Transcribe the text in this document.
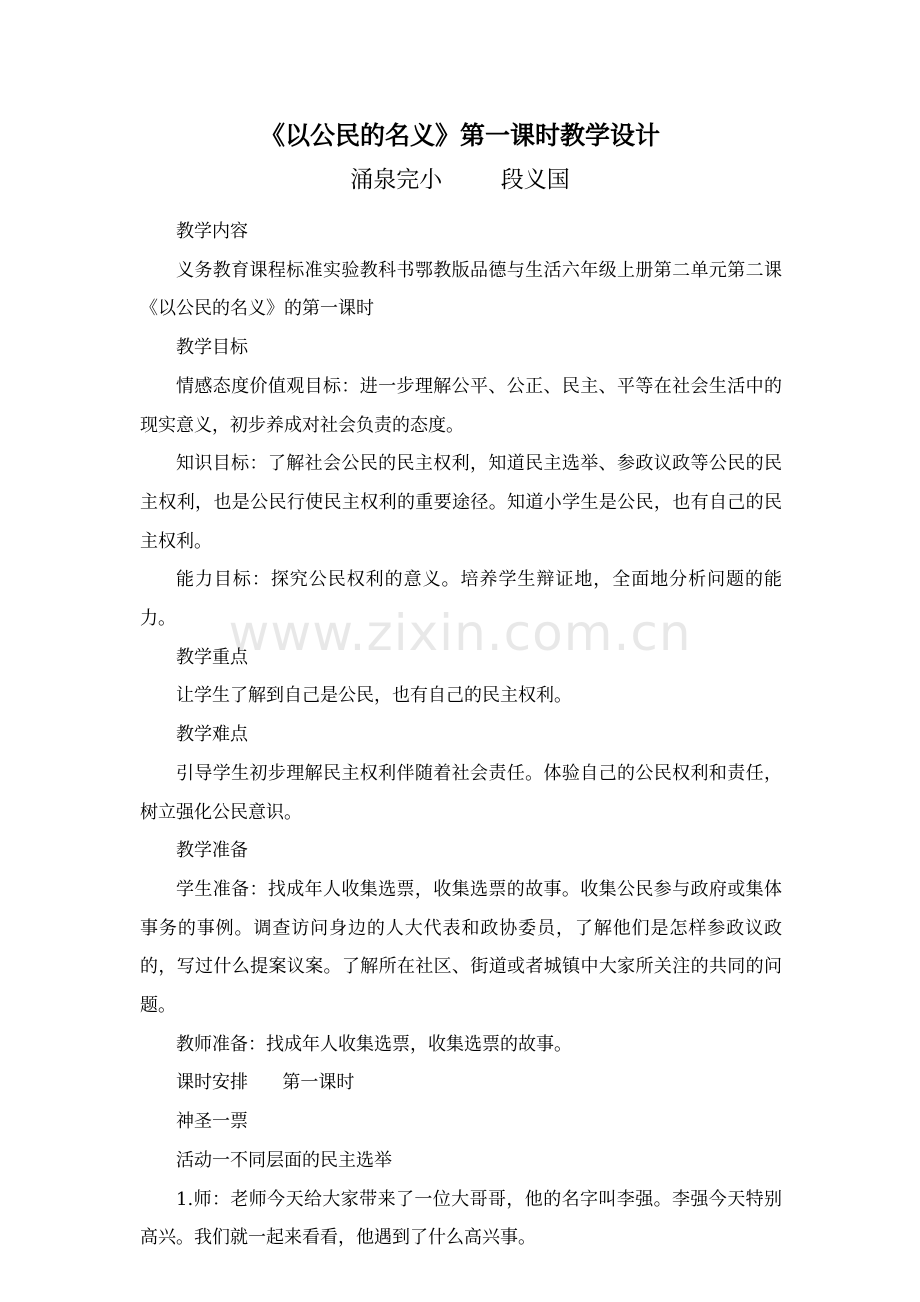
《以公民的名义》第一课时教学设计
涌泉完小        段义国

教学内容

义务教育课程标准实验教科书鄂教版品德与生活六年级上册第二单元第二课《以公民的名义》的第一课时

教学目标

情感态度价值观目标：进一步理解公平、公正、民主、平等在社会生活中的现实意义，初步养成对社会负责的态度。

知识目标：了解社会公民的民主权利，知道民主选举、参政议政等公民的民主权利，也是公民行使民主权利的重要途径。知道小学生是公民，也有自己的民主权利。

能力目标：探究公民权利的意义。培养学生辩证地，全面地分析问题的能力。

教学重点

让学生了解到自己是公民，也有自己的民主权利。

教学难点

引导学生初步理解民主权利伴随着社会责任。体验自己的公民权利和责任，树立强化公民意识。

教学准备

学生准备：找成年人收集选票，收集选票的故事。收集公民参与政府或集体事务的事例。调查访问身边的人大代表和政协委员，了解他们是怎样参政议政的，写过什么提案议案。了解所在社区、街道或者城镇中大家所关注的共同的问题。

教师准备：找成年人收集选票，收集选票的故事。

课时安排      第一课时

神圣一票

活动一不同层面的民主选举

1.师：老师今天给大家带来了一位大哥哥，他的名字叫李强。李强今天特别高兴。我们就一起来看看，他遇到了什么高兴事。

www.zixin.com.cn
